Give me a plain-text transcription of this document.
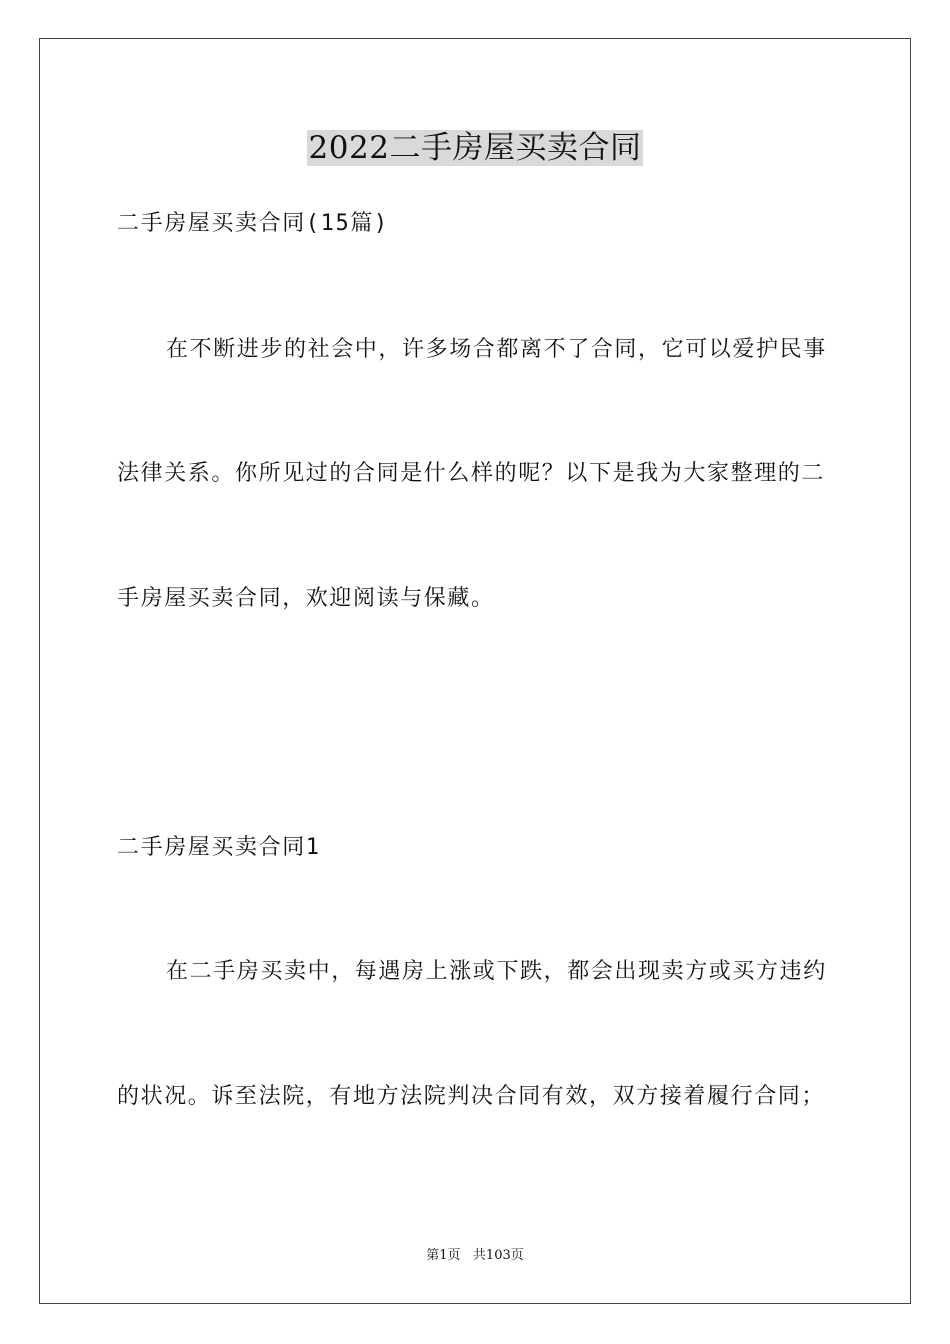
2022二手房屋买卖合同

二手房屋买卖合同(15篇)

在不断进步的社会中，许多场合都离不了合同，它可以爱护民事

法律关系。你所见过的合同是什么样的呢？以下是我为大家整理的二

手房屋买卖合同，欢迎阅读与保藏。

二手房屋买卖合同1

在二手房买卖中，每遇房上涨或下跌，都会出现卖方或买方违约

的状况。诉至法院，有地方法院判决合同有效，双方接着履行合同；

第1页   共103页
